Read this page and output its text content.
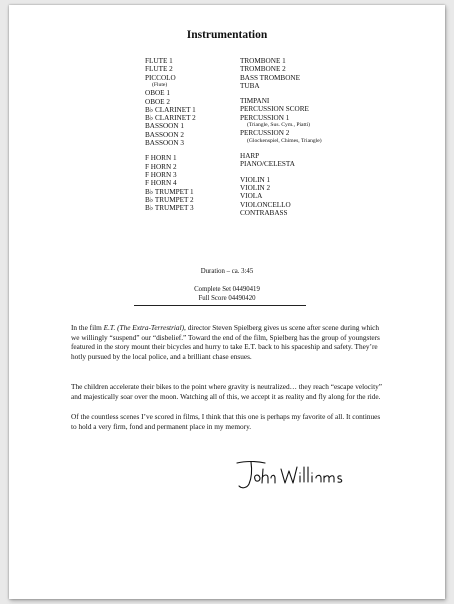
Instrumentation
FLUTE 1
FLUTE 2
PICCOLO
(Flute)
OBOE 1
OBOE 2
B♭ CLARINET 1
B♭ CLARINET 2
BASSOON 1
BASSOON 2
BASSOON 3
F HORN 1
F HORN 2
F HORN 3
F HORN 4
B♭ TRUMPET 1
B♭ TRUMPET 2
B♭ TRUMPET 3
TROMBONE 1
TROMBONE 2
BASS TROMBONE
TUBA
TIMPANI
PERCUSSION SCORE
PERCUSSION 1
(Triangle, Sus. Cym., Piatti)
PERCUSSION 2
(Glockenspiel, Chimes, Triangle)
HARP
PIANO/CELESTA
VIOLIN 1
VIOLIN 2
VIOLA
VIOLONCELLO
CONTRABASS
Duration – ca. 3:45
Complete Set 04490419
Full Score 04490420
In the film E.T. (The Extra-Terrestrial), director Steven Spielberg gives us scene after scene during which we willingly “suspend” our “disbelief.” Toward the end of the film, Spielberg has the group of youngsters featured in the story mount their bicycles and hurry to take E.T. back to his spaceship and safety. They’re hotly pursued by the local police, and a brilliant chase ensues.
The children accelerate their bikes to the point where gravity is neutralized… they reach “escape velocity” and majestically soar over the moon. Watching all of this, we accept it as reality and fly along for the ride.
Of the countless scenes I’ve scored in films, I think that this one is perhaps my favorite of all. It continues to hold a very firm, fond and permanent place in my memory.
